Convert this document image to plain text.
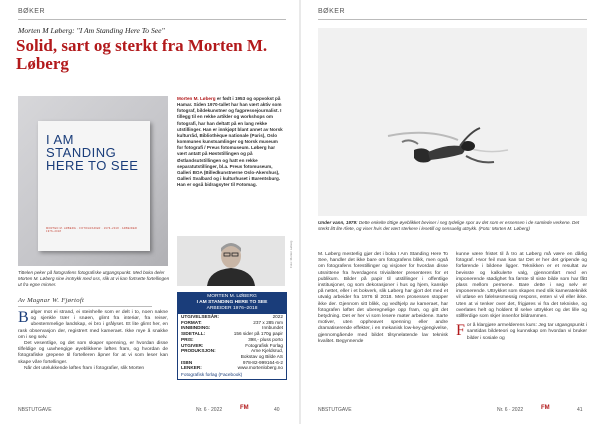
BØKER
Morten M Løberg: "I Am Standing Here To See"
Solid, sart og sterkt fra Morten M. Løberg
I AM STANDING HERE TO SEE
MORTEN M. LØBERG · FOTOGRAFIER · 1976–2018 · ARBEIDER 1976–2018
Tittelen peker på fotografens fotografiske utgangspunkt. Med boka deler Morten M. Løberg sine inntrykk med oss, slik at vi kan fortsette fortellingen ut fra egne minner.
Av Magnar W. Fjørtoft
Bølger mot ei strand, ei steinhelle som er delt i to, noen nakne og sjenkle trær i snøen, glimt fra interiør, fra reiser, ubestemmelige landskap, ei bro i grålyset. Et lite glimt her, en rask observasjon der, registrert med kameraet. Ikke mye å snakke om i seg selv.
Det vesentlige, og det som skaper spenning, er hvordan disse tilfeldige og uavhengige øyeblikkene løftes fram, og hvordan de fotografiske grepene til fortelleren åpner for at vi som leser kan skape våre fortellinger.
Når det utelukkende løftes fram i fotografier, slik Morten
Morten M. Løberg er født i 1953 og oppvokst på Hamar. Siden 1970-tallet har han vært aktiv som fotograf, bildekunstner og fagpressejournalist. I tillegg til en rekke artikler og workshops om fotografi, har han deltatt på en lang rekke utstillinger. Han er innkjøpt blant annet av Norsk kulturråd, Bibliothèque nationale (Paris), Oslo kommunes kunstsamlinger og Norsk museum for fotografi / Preus fotomuseum. Løberg har vært antatt på Høststillingen og på Østlandsutstillingen og hatt en rekke separatutstillinger, bl.a. Preus fotomuseum, Galleri BOA (Billedkunstnerne Oslo-Akershus), Galleri Svalbard og i kulturhuset i Barentsburg. Han er også bidragsyter til Fotomag.
Foto: Morten Løberg
MORTEN M. LØBERG
I AM STANDING HERE TO SEE
ARBEIDER 1976–2018
UTGIVELSESÅR:	2022
FORMAT:	237 x 285 mm
INNBINDING:	Innbundet
SIDETALL:	156 sider på 170g papir
PRIS:	398,- pluss porto
UTGIVER:	Fotografisk Forlag
PRODUKSJON:	Arne Kjeldsrud,
Bokstav og Bilde AS
ISBN	978-82-999164-6-2
LENKER:	www.mortenloberg.no
Fotografisk forlag (Facebook)
NBSTUTGAVE	Nr. 6 · 2022	FM	40
BØKER
Under vann, 1979: Dette enkelte tittige øyeblikket beviser i seg tydelige spor av det som er essensen i de samlede verkene. Det sterkt litt lite rfiete, og viser hvis det vært sterkere i lesetill og sensuelig uttrykk. (Foto: Morten M. Løberg)
M. Løberg mesterlig gjør det i boka I Am Standing Here To See, handler det ikke bare om fotografens blikk, men også om fotografens forestillinger og visjoner for hvordan disse utsnittene fra hverdagens trivialiteter presenteres for et publikum. Bilder på papir til utstillinger i offentlige institusjoner, og som dekorasjoner i hus og hjem, kanskje på nettet, eller i et bokverk, slik Løberg har gjort det med et utvalg arbeider fra 1976 til 2018. Men prosessen stopper ikke der. Gjennom sitt blikk, og vedhjelp av kameraet, har fotografen løftet det uberegnelige opp fram, og gitt det betydning. Det er her vi som lesere møter arbeidene. Sarte motiver, uten oppheavet spenning eller andre dramatiserende effekter, i en mekanisk low-key-gjengivelse, gjennomgående med bildet tilsynelatende lav teknisk kvalitet. Begynnende
kunne være fristet til å tro at Løberg må være en dårlig fotograf. Hvor feil man kan ta! Det er her det gripende og forførende i bildene ligger. Teknikken er et resultat av bevisste og kalkulerte valg, gjennomført med en imponerende stødighet fra første til siste bilde som har fått plass mellom permene. Bare dette i seg selv er imponerende. Uttrykket som skapes med slik kamerateknikk vil utløse en følelsesmessig respons, enten vi vil eller ikke. Uten at vi tenker over det, frigjøres vi fra det tekniske, og overlates helt og holdent til selve uttrykket og det lille og stillferdige som skjer innenfor bildrammen.
For å klargjøre armelderens kurs: Jeg tar utgangspunkt i samtidas bildeteori og kunnskap om hvordan vi bruker bilder i sosiale og
NBSTUTGAVE	Nr. 6 · 2022	FM	41
